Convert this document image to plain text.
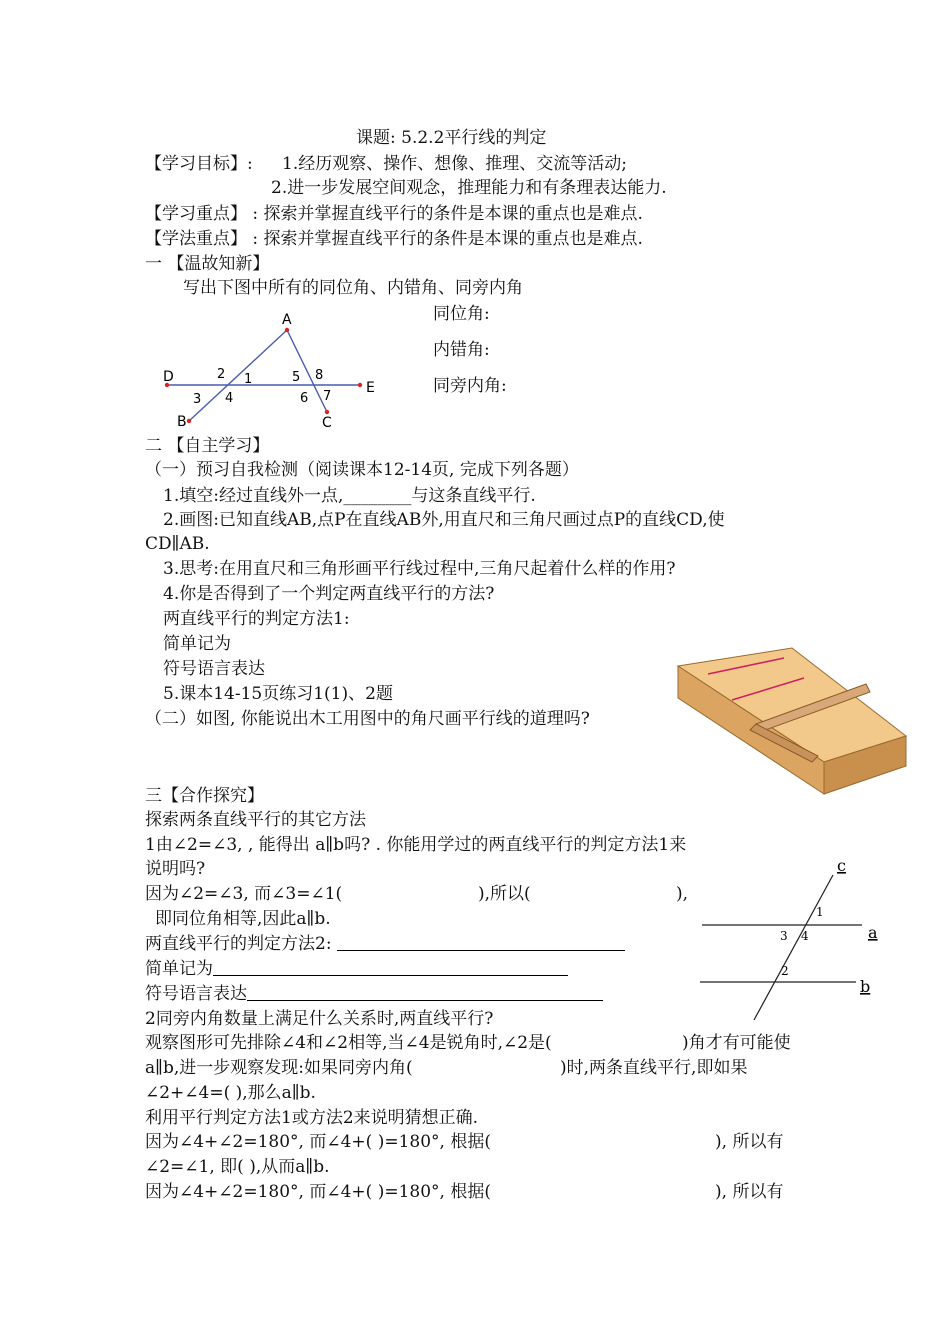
课题: 5.2.2平行线的判定
【学习目标】: 1.经历观察、操作、想像、推理、交流等活动;
2.进一步发展空间观念，推理能力和有条理表达能力.
【学习重点】 : 探索并掌握直线平行的条件是本课的重点也是难点.
【学法重点】 : 探索并掌握直线平行的条件是本课的重点也是难点.
一 【温故知新】
写出下图中所有的同位角、内错角、同旁内角
同位角:
内错角:
同旁内角:
A
D
E
B	C
1
2
3 4
5
6 7
8
二 【自主学习】
（一）预习自我检测（阅读课本12-14页, 完成下列各题）
1.填空:经过直线外一点,________与这条直线平行.
2.画图:已知直线AB,点P在直线AB外,用直尺和三角尺画过点P的直线CD,使
CD∥AB.
3.思考:在用直尺和三角形画平行线过程中,三角尺起着什么样的作用?
4.你是否得到了一个判定两直线平行的方法?
两直线平行的判定方法1:
简单记为
符号语言表达
5.课本14-15页练习1(1)、2题
（二）如图, 你能说出木工用图中的角尺画平行线的道理吗?
三【合作探究】
探索两条直线平行的其它方法
1由∠2=∠3, , 能得出 a∥b吗? . 你能用学过的两直线平行的判定方法1来
说明吗?
因为∠2=∠3, 而∠3=∠1(	),所以(	),
即同位角相等,因此a∥b.
两直线平行的判定方法2:
简单记为
符号语言表达
2同旁内角数量上满足什么关系时,两直线平行?
观察图形可先排除∠4和∠2相等,当∠4是锐角时,∠2是(	)角才有可能使
a∥b,进一步观察发现:如果同旁内角(	)时,两条直线平行,即如果
∠2+∠4=( ),那么a∥b.
利用平行判定方法1或方法2来说明猜想正确.
因为∠4+∠2=180°, 而∠4+( )=180°, 根据(	), 所以有
∠2=∠1, 即( ),从而a∥b.
因为∠4+∠2=180°, 而∠4+( )=180°, 根据(	), 所以有
c
a
b
1
3 4
2
